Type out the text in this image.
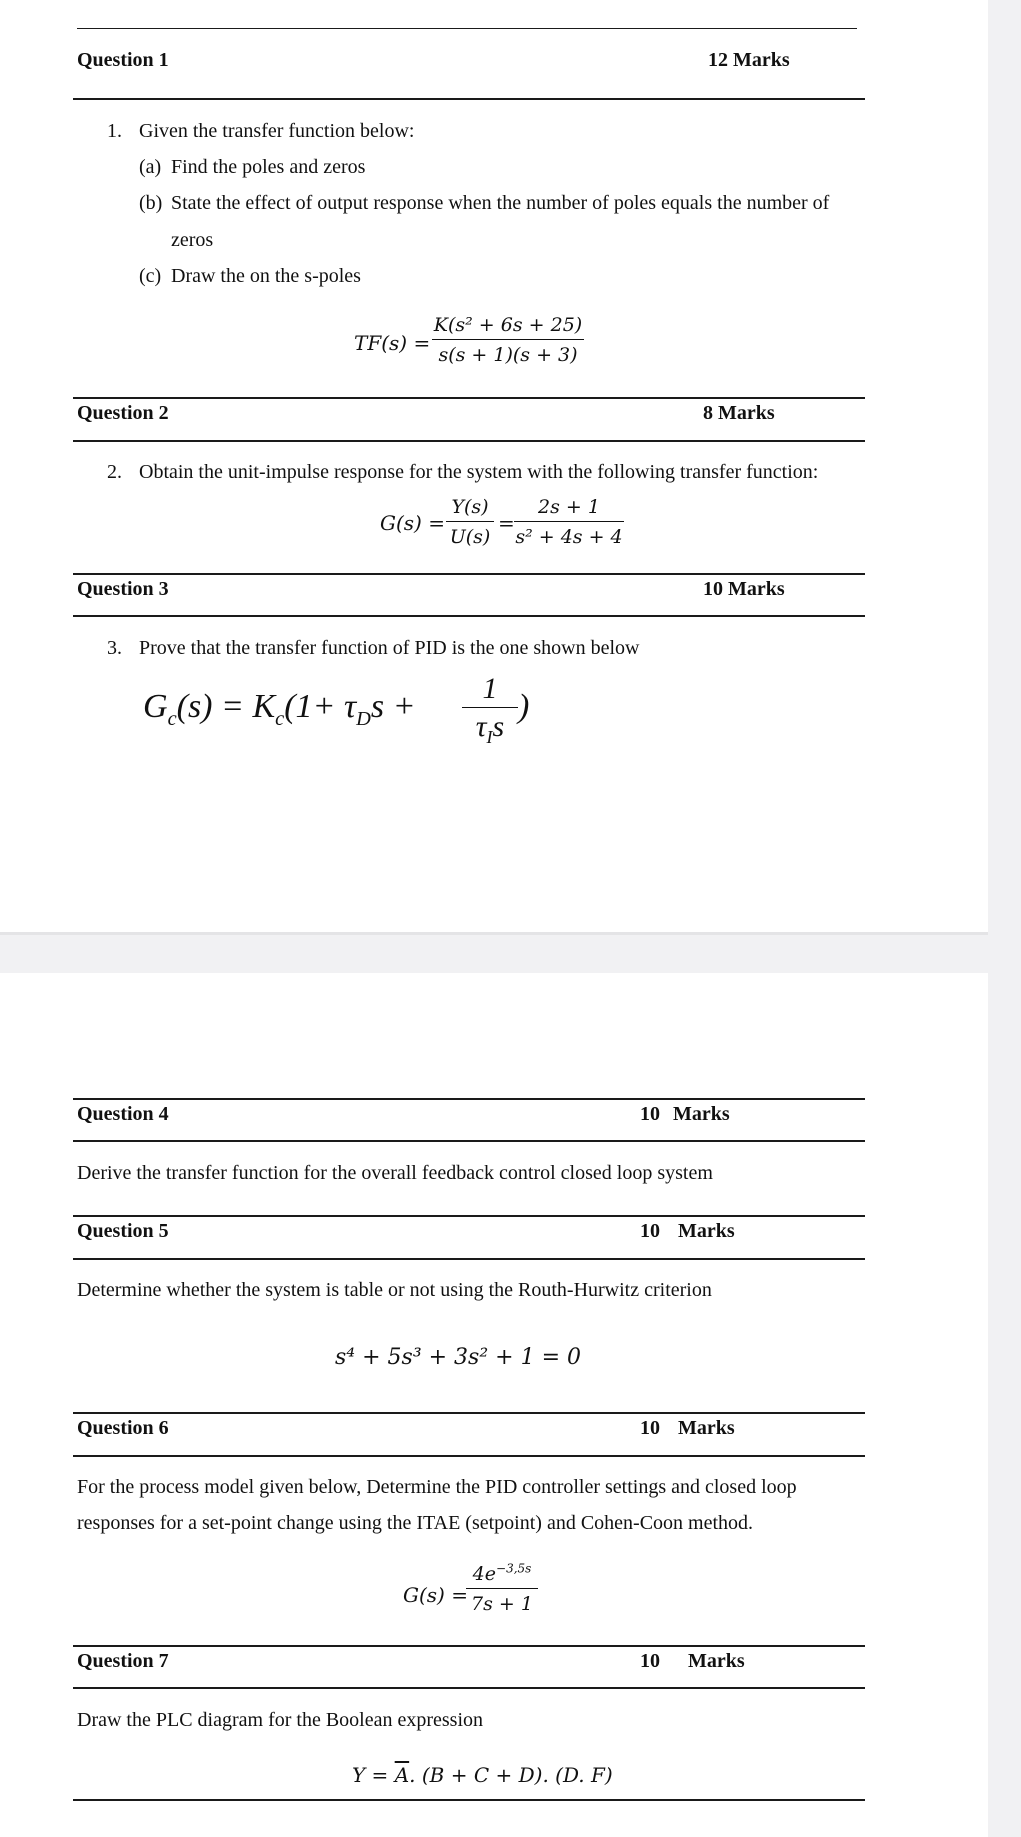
Question 1	12 Marks
1. Given the transfer function below:
(a) Find the poles and zeros
(b) State the effect of output response when the number of poles equals the number of
zeros
(c) Draw the on the s-poles
TF(s) =
K(s² + 6s + 25)
s(s + 1)(s + 3)
Question 2	8 Marks
2. Obtain the unit-impulse response for the system with the following transfer function:
G(s) =
Y(s)
U(s)
=
2s + 1
s² + 4s + 4
Question 3	10 Marks
3. Prove that the transfer function of PID is the one shown below
$G_c(s) = K_c(1+ \tau_Ds$ +	1
$\tau_Is$
)
Question 4	10 Marks
Derive the transfer function for the overall feedback control closed loop system
Question 5	10 Marks
Determine whether the system is table or not using the Routh-Hurwitz criterion
s⁴ + 5s³ + 3s² + 1 = 0
Question 6	10 Marks
For the process model given below, Determine the PID controller settings and closed loop
responses for a set-point change using the ITAE (setpoint) and Cohen-Coon method.
G(s) =
$4e^{-3,5s}$
7s + 1
Question 7	10 Marks
Draw the PLC diagram for the Boolean expression
$Y = \overline{A}$. (B + C + D). (D. F)
